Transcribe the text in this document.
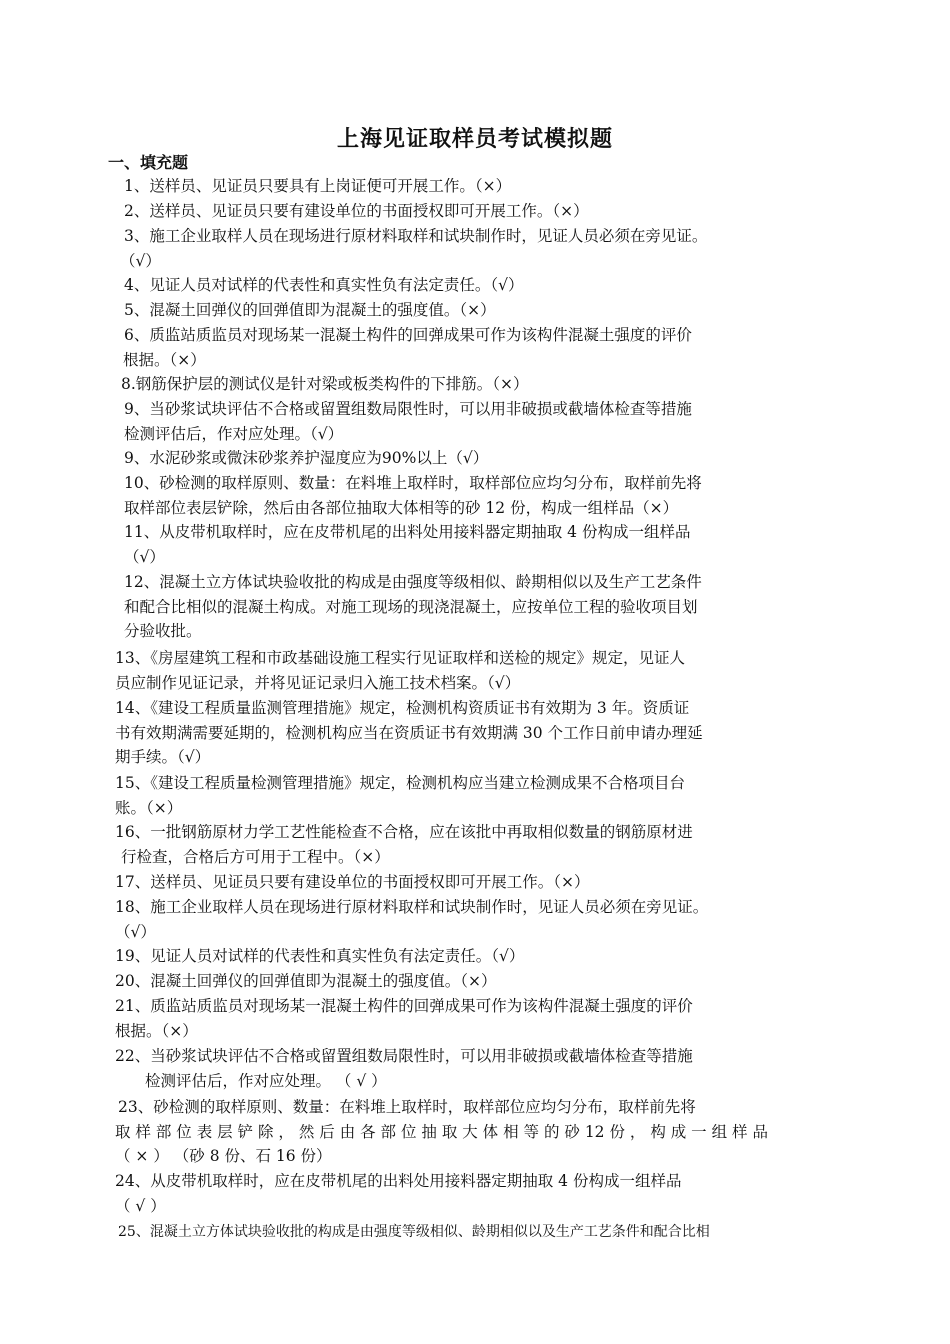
上海见证取样员考试模拟题
一、填充题
1、送样员、见证员只要具有上岗证便可开展工作。（×）
2、送样员、见证员只要有建设单位的书面授权即可开展工作。（×）
3、施工企业取样人员在现场进行原材料取样和试块制作时，见证人员必须在旁见证。
（√）
4、见证人员对试样的代表性和真实性负有法定责任。（√）
5、混凝土回弹仪的回弹值即为混凝土的强度值。（×）
6、质监站质监员对现场某一混凝土构件的回弹成果可作为该构件混凝土强度的评价
根据。（×）
8.钢筋保护层的测试仪是针对梁或板类构件的下排筋。（×）
9、当砂浆试块评估不合格或留置组数局限性时，可以用非破损或截墙体检查等措施
检测评估后，作对应处理。（√）
9、水泥砂浆或微沫砂浆养护湿度应为90%以上（√）
10、砂检测的取样原则、数量：在料堆上取样时，取样部位应均匀分布，取样前先将
取样部位表层铲除，然后由各部位抽取大体相等的砂 12 份，构成一组样品（×）
11、从皮带机取样时，应在皮带机尾的出料处用接料器定期抽取 4 份构成一组样品
（√）
12、混凝土立方体试块验收批的构成是由强度等级相似、龄期相似以及生产工艺条件
和配合比相似的混凝土构成。对施工现场的现浇混凝土，应按单位工程的验收项目划
分验收批。
13、《房屋建筑工程和市政基础设施工程实行见证取样和送检的规定》规定，见证人
员应制作见证记录，并将见证记录归入施工技术档案。（√）
14、《建设工程质量监测管理措施》规定，检测机构资质证书有效期为 3 年。资质证
书有效期满需要延期的，检测机构应当在资质证书有效期满 30 个工作日前申请办理延
期手续。（√）
15、《建设工程质量检测管理措施》规定，检测机构应当建立检测成果不合格项目台
账。（×）
16、一批钢筋原材力学工艺性能检查不合格，应在该批中再取相似数量的钢筋原材进
行检查，合格后方可用于工程中。（×）
17、送样员、见证员只要有建设单位的书面授权即可开展工作。（×）
18、施工企业取样人员在现场进行原材料取样和试块制作时，见证人员必须在旁见证。
（√）
19、见证人员对试样的代表性和真实性负有法定责任。（√）
20、混凝土回弹仪的回弹值即为混凝土的强度值。（×）
21、质监站质监员对现场某一混凝土构件的回弹成果可作为该构件混凝土强度的评价
根据。（×）
22、当砂浆试块评估不合格或留置组数局限性时，可以用非破损或截墙体检查等措施
检测评估后，作对应处理。 （ √ ）
23、砂检测的取样原则、数量：在料堆上取样时，取样部位应均匀分布，取样前先将
取 样 部 位 表 层 铲 除 ， 然 后 由 各 部 位 抽 取 大 体 相 等 的 砂 12 份 ， 构 成 一 组 样 品
（ × ） （砂 8 份、石 16 份）
24、从皮带机取样时，应在皮带机尾的出料处用接料器定期抽取 4 份构成一组样品
（ √ ）
25、混凝土立方体试块验收批的构成是由强度等级相似、龄期相似以及生产工艺条件和配合比相
